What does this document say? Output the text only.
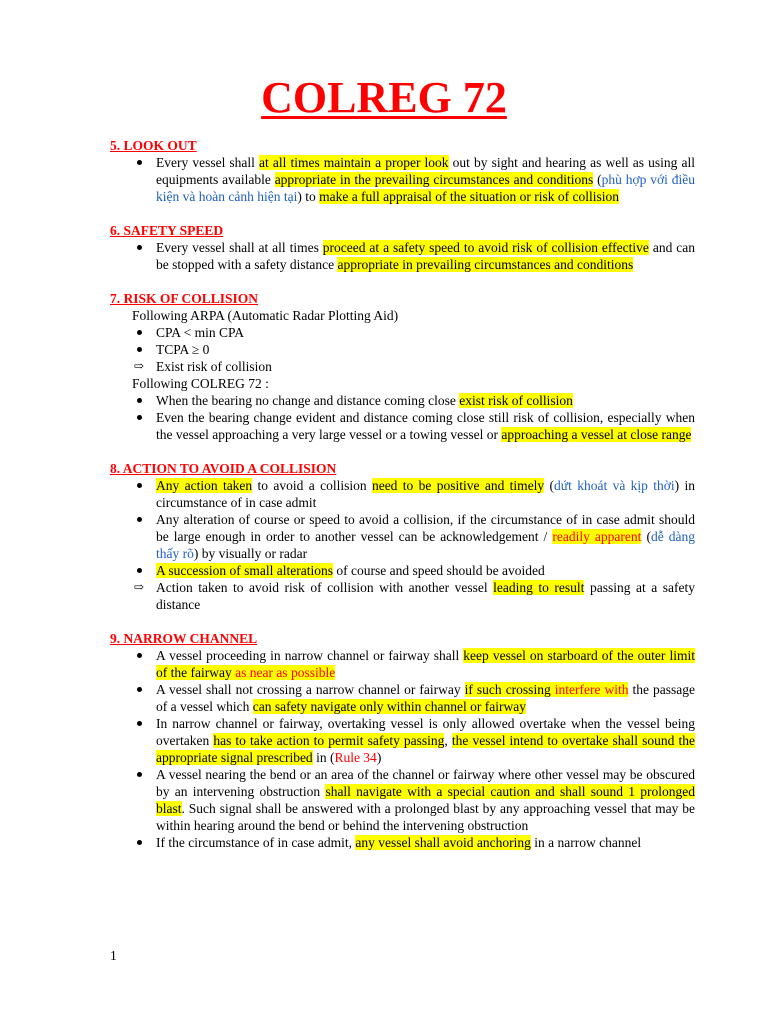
COLREG 72
5. LOOK OUT
Every vessel shall at all times maintain a proper look out by sight and hearing as well as using all equipments available appropriate in the prevailing circumstances and conditions (phù hợp với điều kiện và hoàn cảnh hiện tại) to make a full appraisal of the situation or risk of collision
6. SAFETY SPEED
Every vessel shall at all times proceed at a safety speed to avoid risk of collision effective and can be stopped with a safety distance appropriate in prevailing circumstances and conditions
7. RISK OF COLLISION
Following ARPA (Automatic Radar Plotting Aid)
CPA < min CPA
TCPA ≥ 0
⇨ Exist risk of collision
Following COLREG 72 :
When the bearing no change and distance coming close exist risk of collision
Even the bearing change evident and distance coming close still risk of collision, especially when the vessel approaching a very large vessel or a towing vessel or approaching a vessel at close range
8. ACTION TO AVOID A COLLISION
Any action taken to avoid a collision need to be positive and timely (dứt khoát và kịp thời) in circumstance of in case admit
Any alteration of course or speed to avoid a collision, if the circumstance of in case admit should be large enough in order to another vessel can be acknowledgement / readily apparent (dễ dàng thấy rõ) by visually or radar
A succession of small alterations of course and speed should be avoided
⇨ Action taken to avoid risk of collision with another vessel leading to result passing at a safety distance
9. NARROW CHANNEL
A vessel proceeding in narrow channel or fairway shall keep vessel on starboard of the outer limit of the fairway as near as possible
A vessel shall not crossing a narrow channel or fairway if such crossing interfere with the passage of a vessel which can safety navigate only within channel or fairway
In narrow channel or fairway, overtaking vessel is only allowed overtake when the vessel being overtaken has to take action to permit safety passing, the vessel intend to overtake shall sound the appropriate signal prescribed in (Rule 34)
A vessel nearing the bend or an area of the channel or fairway where other vessel may be obscured by an intervening obstruction shall navigate with a special caution and shall sound 1 prolonged blast. Such signal shall be answered with a prolonged blast by any approaching vessel that may be within hearing around the bend or behind the intervening obstruction
If the circumstance of in case admit, any vessel shall avoid anchoring in a narrow channel
1
